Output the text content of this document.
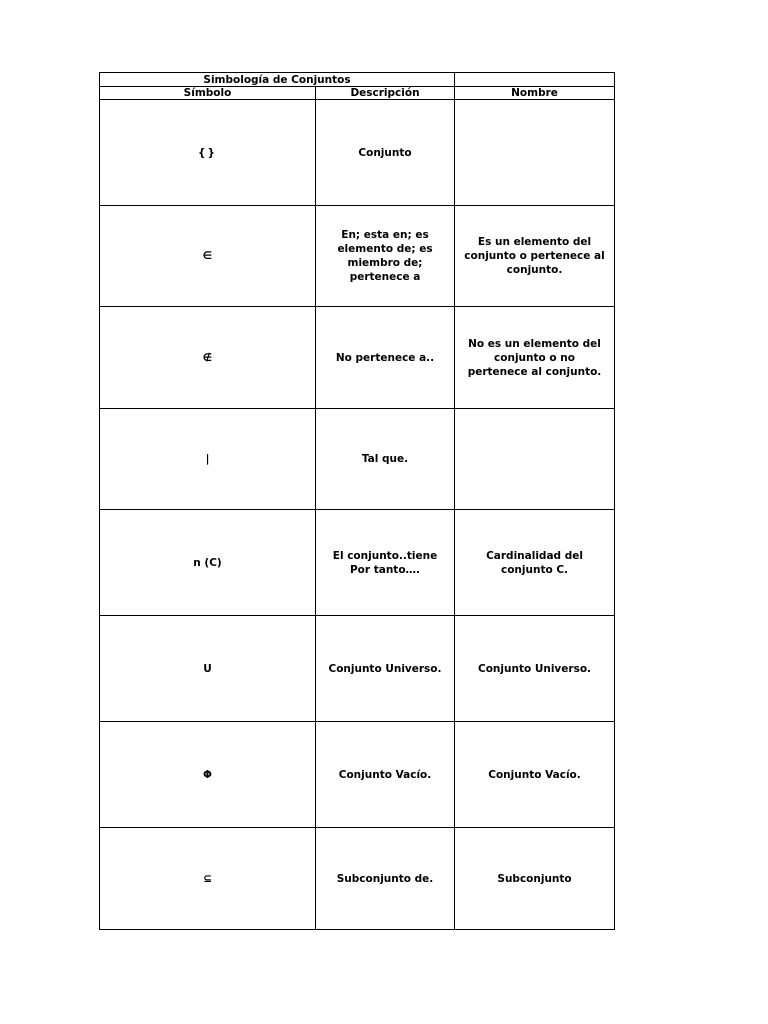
Simbología de Conjuntos		
Símbolo	Descripción	Nombre
{}	Conjunto	

∈	En; esta en; es elemento de; es miembro de; pertenece a	Es un elemento del conjunto o pertenece al conjunto.

∉	No pertenece a..	No es un elemento del conjunto o no pertenece al conjunto.

|	Tal que.	

n (C)	El conjunto..tiene Por tanto….	Cardinalidad del conjunto C.

U	Conjunto Universo.	Conjunto Universo.

Φ	Conjunto Vacío.	Conjunto Vacío.

⊆	Subconjunto de.	Subconjunto
